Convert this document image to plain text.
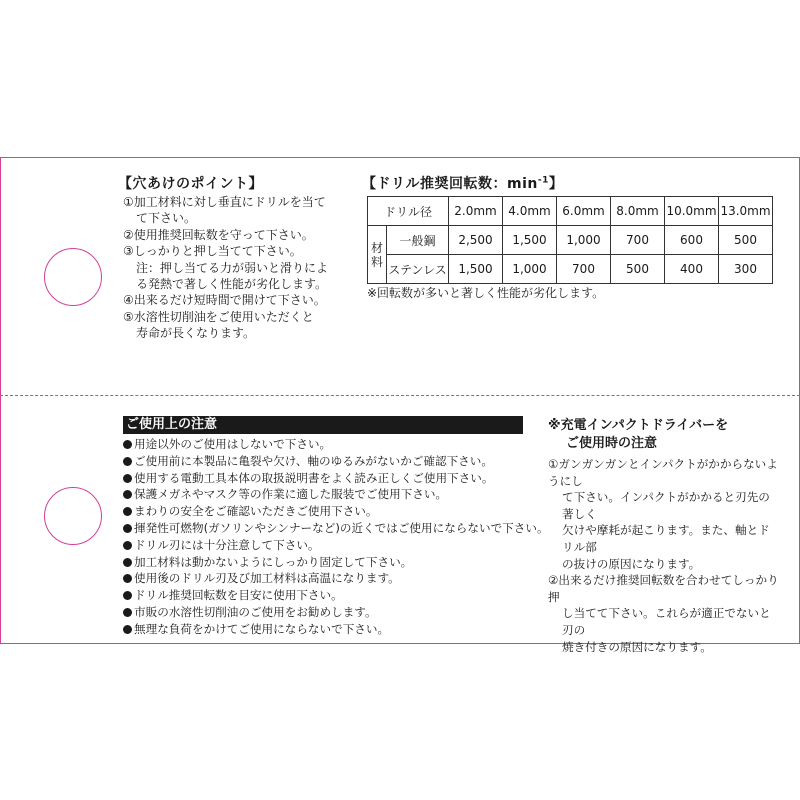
【穴あけのポイント】
①加工材料に対し垂直にドリルを当て
て下さい。
②使用推奨回転数を守って下さい。
③しっかりと押し当てて下さい。
注：押し当てる力が弱いと滑りによ
る発熱で著しく性能が劣化します。
④出来るだけ短時間で開けて下さい。
⑤水溶性切削油をご使用いただくと
寿命が長くなります。
【ドリル推奨回転数：$\min^{-1}$】
ドリル径		2.0mm	4.0mm	6.0mm	8.0mm	10.0mm	13.0mm

材
料	一般鋼	2,500	1,500	1,000	700	600	500
	ステンレス	1,500	1,000	700	500	400	300
※回転数が多いと著しく性能が劣化します。
ご使用上の注意
用途以外のご使用はしないで下さい。
ご使用前に本製品に亀裂や欠け、軸のゆるみがないかご確認下さい。
使用する電動工具本体の取扱説明書をよく読み正しくご使用下さい。
保護メガネやマスク等の作業に適した服装でご使用下さい。
まわりの安全をご確認いただきご使用下さい。
揮発性可燃物(ガソリンやシンナーなど)の近くではご使用にならないで下さい。
ドリル刃には十分注意して下さい。
加工材料は動かないようにしっかり固定して下さい。
使用後のドリル刃及び加工材料は高温になります。
ドリル推奨回転数を目安に使用下さい。
市販の水溶性切削油のご使用をお勧めします。
無理な負荷をかけてご使用にならないで下さい。
※充電インパクトドライバーを
ご使用時の注意
①ガンガンガンとインパクトがかからないようにし
て下さい。インパクトがかかると刃先の著しく
欠けや摩耗が起こります。また、軸とドリル部
の抜けの原因になります。
②出来るだけ推奨回転数を合わせてしっかり押
し当てて下さい。これらが適正でないと刃の
焼き付きの原因になります。
